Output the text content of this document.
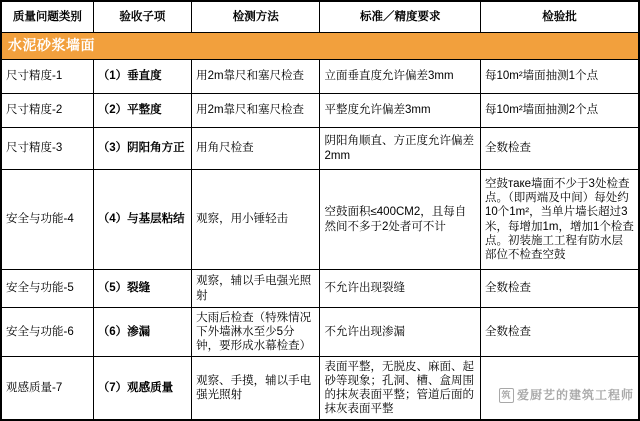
质量问题类别	验收子项	检测方法	标准／精度要求	检验批
水泥砂浆墙面				
尺寸精度-1	（1）垂直度	用2m靠尺和塞尺检查	立面垂直度允许偏差3mm	每10m²墙面抽测1个点
尺寸精度-2	（2）平整度	用2m靠尺和塞尺检查	平整度允许偏差3mm	每10m²墙面抽测2个点
尺寸精度-3	（3）阴阳角方正	用角尺检查	阴阳角顺直、方正度允许偏差2mm	全数检查
安全与功能-4	（4）与基层粘结	观察，用小锤轻击	空鼓面积≤400CM2，且每自然间不多于2处者可不计	空鼓таке墙面不少于3处检查点。（即两端及中间）每处约10个1m²，当单片墙长超过3米，每增加1m，增加1个检查点。初装施工工程有防水层部位不检查空鼓
安全与功能-5	（5）裂缝	观察，辅以手电强光照射	不允许出现裂缝	全数检查
安全与功能-6	（6）渗漏	大雨后检查（特殊情况下外墙淋水至少5分钟，要形成水幕检查）	不允许出现渗漏	全数检查
观感质量-7	（7）观感质量	观察、手摸，辅以手电强光照射	表面平整，无脱皮、麻面、起砂等现象；孔洞、槽、盒周围的抹灰表面平整；管道后面的抹灰表面平整	
筑 爱厨艺的建筑工程师
